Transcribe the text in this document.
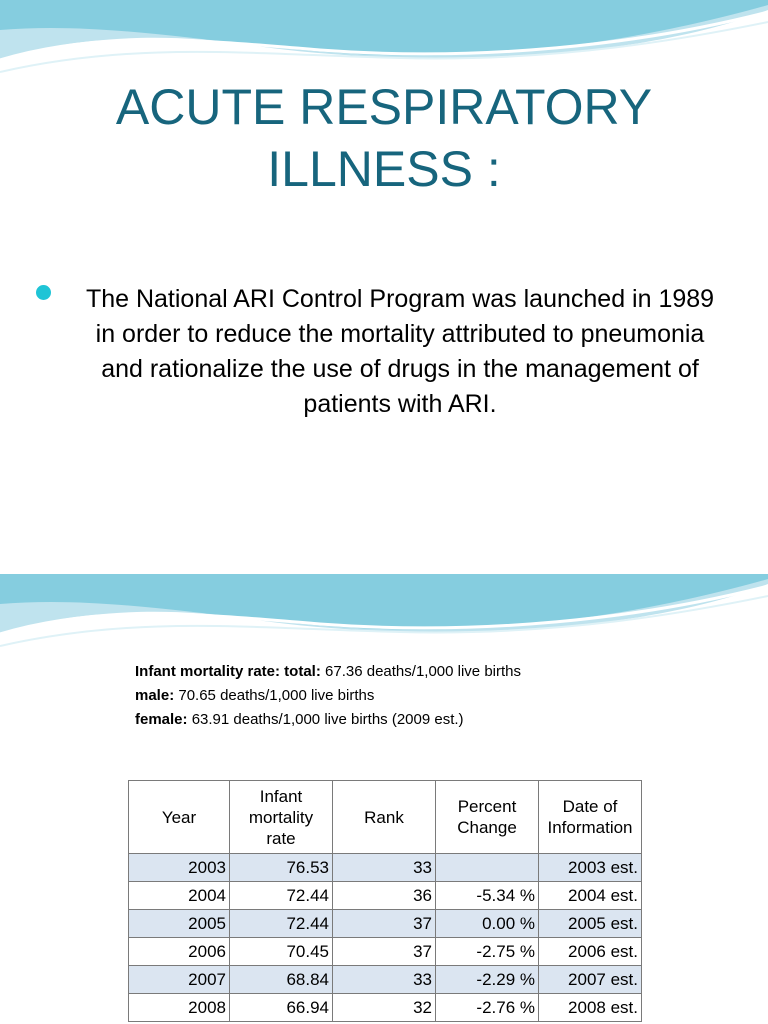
ACUTE RESPIRATORY
ILLNESS :
The National ARI Control Program was launched in 1989 in order to reduce the mortality attributed to pneumonia and rationalize the use of drugs in the management of patients with ARI.
Infant mortality rate: total: 67.36 deaths/1,000 live births
male: 70.65 deaths/1,000 live births
female: 63.91 deaths/1,000 live births (2009 est.)
Year	Infant mortality rate	Rank	Percent Change	Date of Information
2003	76.53	33		2003 est.
2004	72.44	36	-5.34 %	2004 est.
2005	72.44	37	0.00 %	2005 est.
2006	70.45	37	-2.75 %	2006 est.
2007	68.84	33	-2.29 %	2007 est.
2008	66.94	32	-2.76 %	2008 est.
